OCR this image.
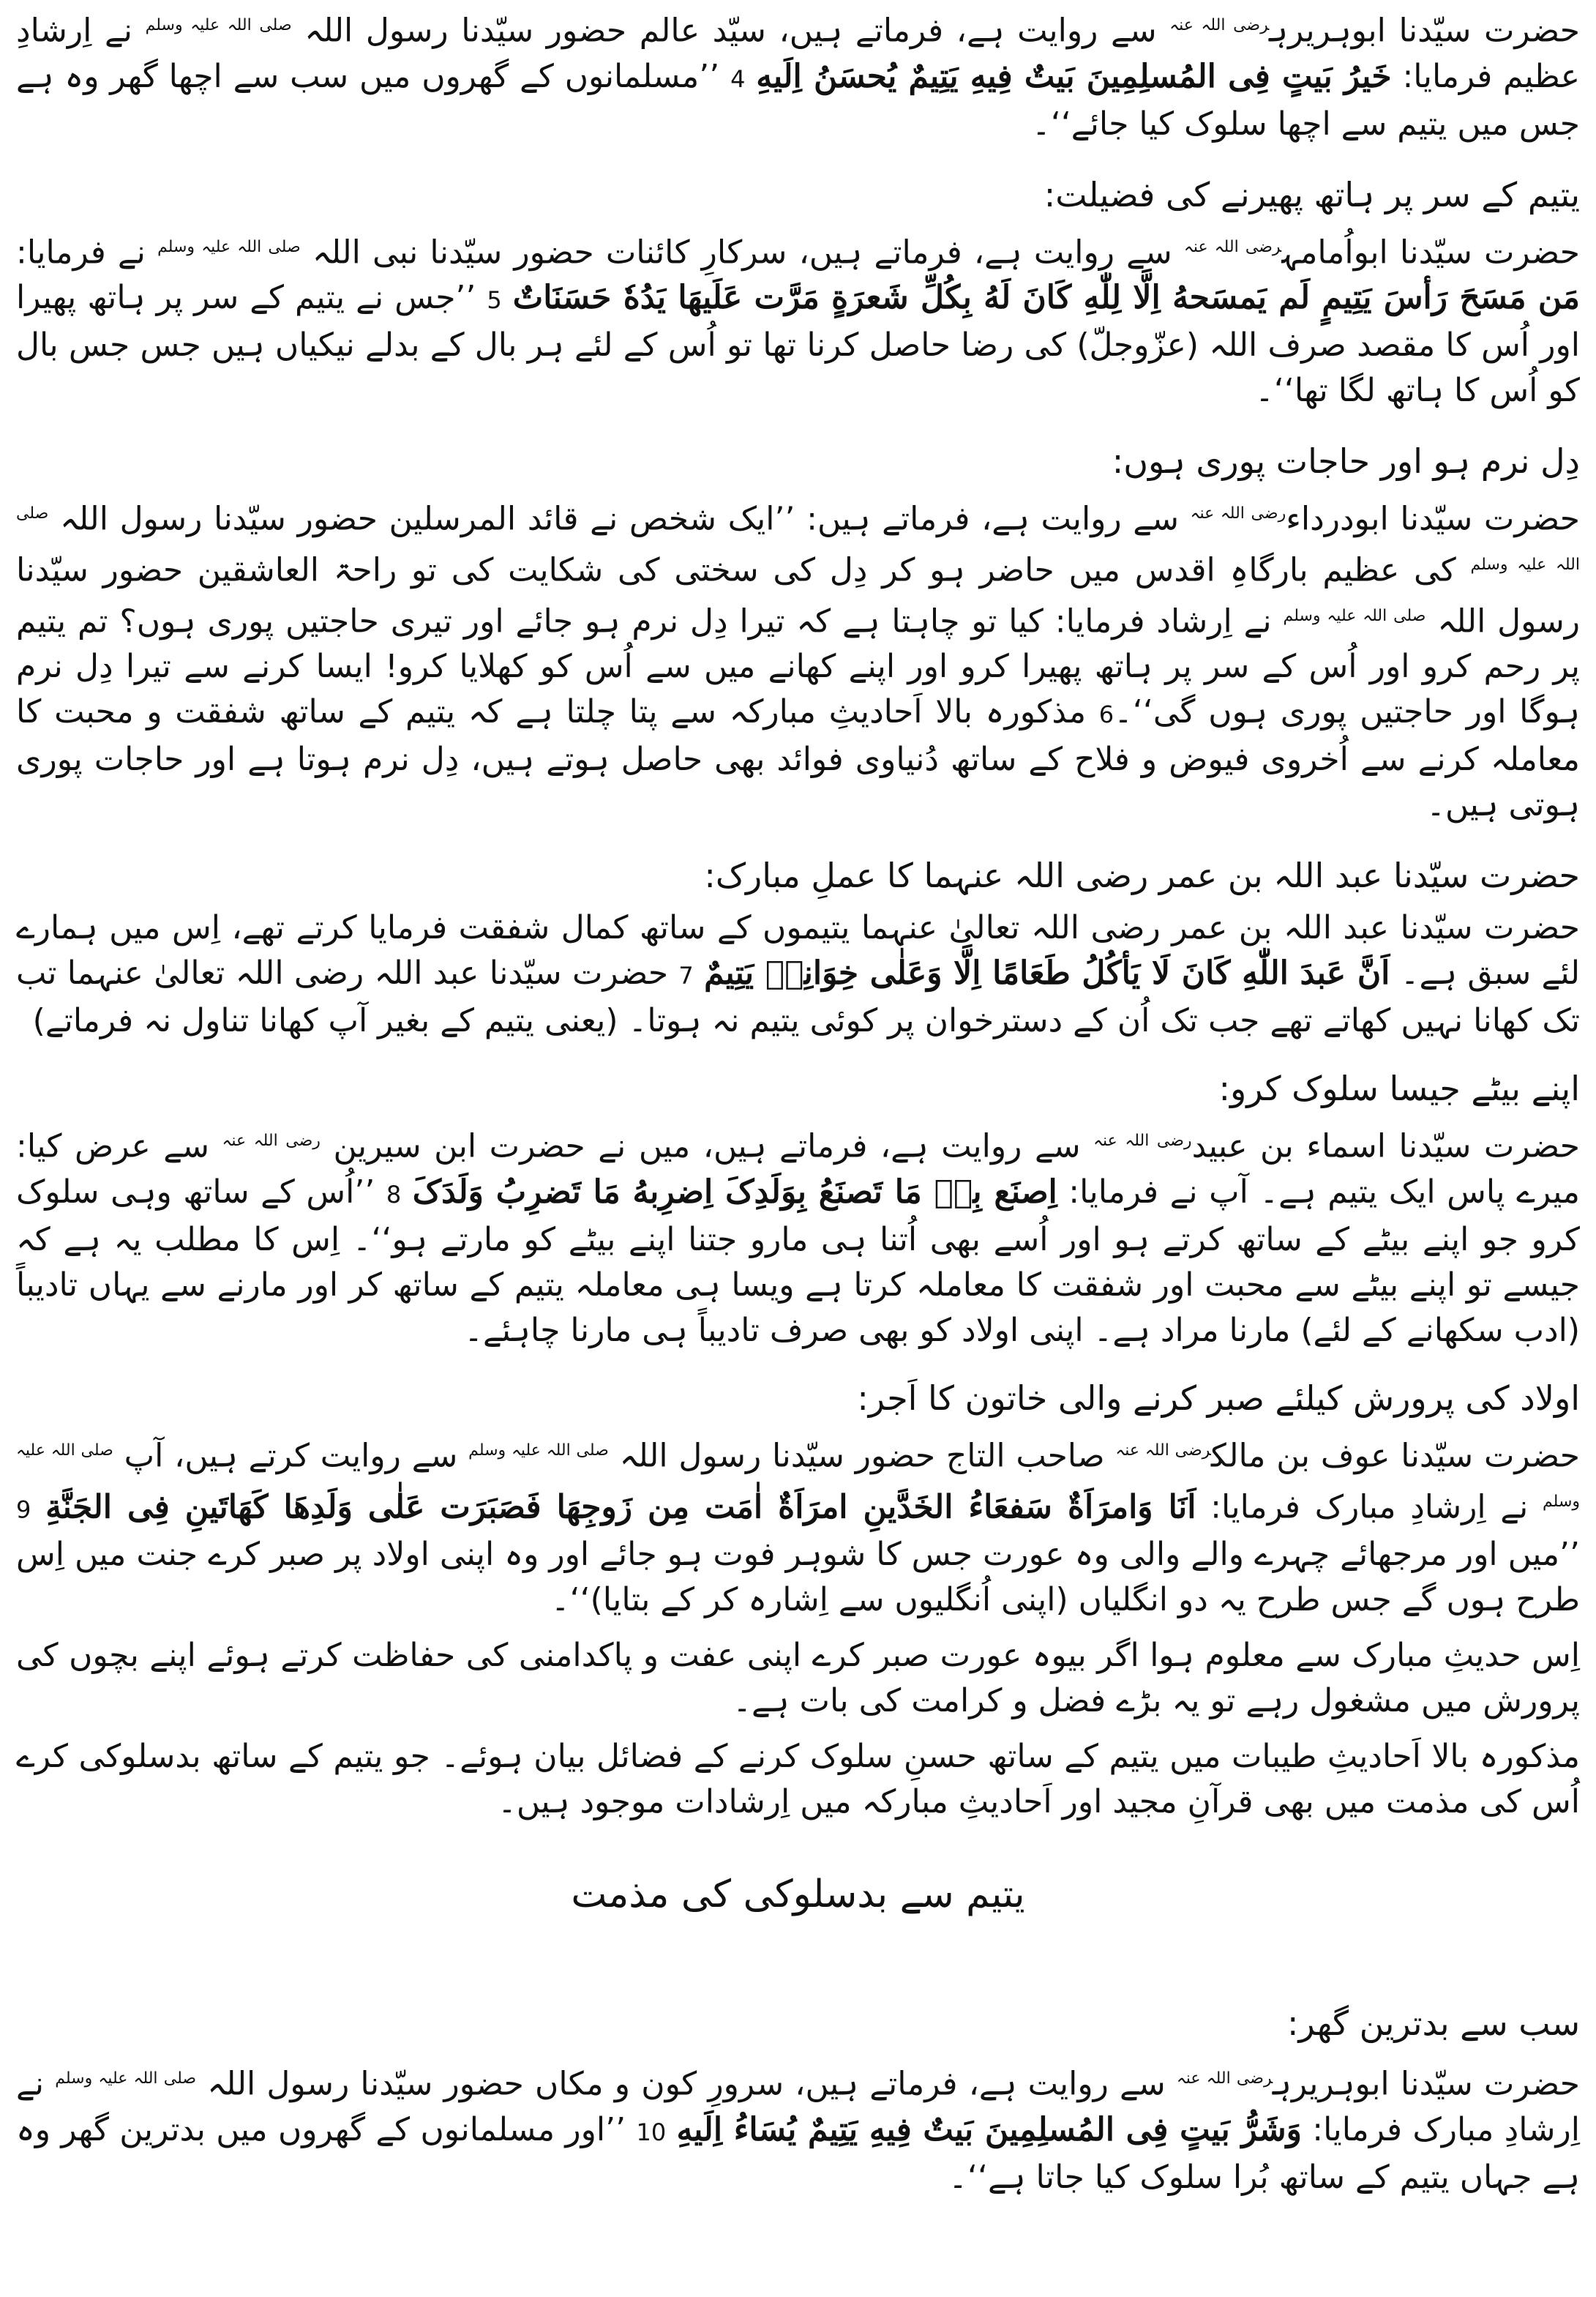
حضرت سیّدنا ابوہریرہ$^{رضی اللہ عنہ}$ سے روایت ہے، فرماتے ہیں، سیّد عالم حضور سیّدنا رسول اللہ $^{صلی اللہ علیہ وسلم}$ نے اِرشادِ عظیم فرمایا: خَیرُ بَیتٍ فِی المُسلِمِینَ بَیتٌ فِیهِ یَتِیمٌ یُحسَنُ اِلَیهِ 4 ’’مسلمانوں کے گھروں میں سب سے اچھا گھر وہ ہے جس میں یتیم سے اچھا سلوک کیا جائے‘‘۔

یتیم کے سر پر ہاتھ پھیرنے کی فضیلت:

حضرت سیّدنا ابواُمامہ$^{رضی اللہ عنہ}$ سے روایت ہے، فرماتے ہیں، سرکارِ کائنات حضور سیّدنا نبی اللہ $^{صلی اللہ علیہ وسلم}$ نے فرمایا: مَن مَسَحَ رَأسَ یَتِیمٍ لَم یَمسَحهُ اِلَّا لِلّٰهِ کَانَ لَهُ بِکُلِّ شَعرَةٍ مَرَّت عَلَیهَا یَدُهٗ حَسَنَاتٌ 5 ’’جس نے یتیم کے سر پر ہاتھ پھیرا اور اُس کا مقصد صرف اللہ (عزّوجلّ) کی رضا حاصل کرنا تھا تو اُس کے لئے ہر بال کے بدلے نیکیاں ہیں جس جس بال کو اُس کا ہاتھ لگا تھا‘‘۔

دِل نرم ہو اور حاجات پوری ہوں:

حضرت سیّدنا ابودرداء$^{رضی اللہ عنہ}$ سے روایت ہے، فرماتے ہیں: ’’ایک شخص نے قائد المرسلین حضور سیّدنا رسول اللہ $^{صلی اللہ علیہ وسلم}$ کی عظیم بارگاہِ اقدس میں حاضر ہو کر دِل کی سختی کی شکایت کی تو راحۃ العاشقین حضور سیّدنا رسول اللہ $^{صلی اللہ علیہ وسلم}$ نے اِرشاد فرمایا: کیا تو چاہتا ہے کہ تیرا دِل نرم ہو جائے اور تیری حاجتیں پوری ہوں؟ تم یتیم پر رحم کرو اور اُس کے سر پر ہاتھ پھیرا کرو اور اپنے کھانے میں سے اُس کو کھلایا کرو! ایسا کرنے سے تیرا دِل نرم ہوگا اور حاجتیں پوری ہوں گی‘‘۔6 مذکورہ بالا اَحادیثِ مبارکہ سے پتا چلتا ہے کہ یتیم کے ساتھ شفقت و محبت کا معاملہ کرنے سے اُخروی فیوض و فلاح کے ساتھ دُنیاوی فوائد بھی حاصل ہوتے ہیں، دِل نرم ہوتا ہے اور حاجات پوری ہوتی ہیں۔

حضرت سیّدنا عبد اللہ بن عمر رضی اللہ عنہما کا عملِ مبارک:

حضرت سیّدنا عبد اللہ بن عمر رضی اللہ تعالیٰ عنہما یتیموں کے ساتھ کمال شفقت فرمایا کرتے تھے، اِس میں ہمارے لئے سبق ہے۔ اَنَّ عَبدَ اللّٰهِ کَانَ لَا یَأکُلُ طَعَامًا اِلَّا وَعَلٰی خِوَانِهٖ یَتِیمٌ 7 حضرت سیّدنا عبد اللہ رضی اللہ تعالیٰ عنہما تب تک کھانا نہیں کھاتے تھے جب تک اُن کے دسترخوان پر کوئی یتیم نہ ہوتا۔ (یعنی یتیم کے بغیر آپ کھانا تناول نہ فرماتے)

اپنے بیٹے جیسا سلوک کرو:

حضرت سیّدنا اسماء بن عبید$^{رضی اللہ عنہ}$ سے روایت ہے، فرماتے ہیں، میں نے حضرت ابن سیرین $^{رضی اللہ عنہ}$ سے عرض کیا: میرے پاس ایک یتیم ہے۔ آپ نے فرمایا: اِصنَع بِهٖ مَا تَصنَعُ بِوَلَدِکَ اِضرِبهُ مَا تَضرِبُ وَلَدَکَ 8 ’’اُس کے ساتھ وہی سلوک کرو جو اپنے بیٹے کے ساتھ کرتے ہو اور اُسے بھی اُتنا ہی مارو جتنا اپنے بیٹے کو مارتے ہو‘‘۔ اِس کا مطلب یہ ہے کہ جیسے تو اپنے بیٹے سے محبت اور شفقت کا معاملہ کرتا ہے ویسا ہی معاملہ یتیم کے ساتھ کر اور مارنے سے یہاں تادیباً (ادب سکھانے کے لئے) مارنا مراد ہے۔ اپنی اولاد کو بھی صرف تادیباً ہی مارنا چاہئے۔

اولاد کی پرورش کیلئے صبر کرنے والی خاتون کا اَجر:

حضرت سیّدنا عوف بن مالک$^{رضی اللہ عنہ}$ صاحب التاج حضور سیّدنا رسول اللہ $^{صلی اللہ علیہ وسلم}$ سے روایت کرتے ہیں، آپ $^{صلی اللہ علیہ وسلم}$ نے اِرشادِ مبارک فرمایا: اَنَا وَامرَاَةٌ سَفعَاءُ الخَدَّینِ امرَاَةٌ اٰمَت مِن زَوجِهَا فَصَبَرَت عَلٰی وَلَدِهَا کَهَاتَینِ فِی الجَنَّةِ 9 ’’میں اور مرجھائے چہرے والے والی وہ عورت جس کا شوہر فوت ہو جائے اور وہ اپنی اولاد پر صبر کرے جنت میں اِس طرح ہوں گے جس طرح یہ دو انگلیاں (اپنی اُنگلیوں سے اِشارہ کر کے بتایا)‘‘۔

اِس حدیثِ مبارک سے معلوم ہوا اگر بیوہ عورت صبر کرے اپنی عفت و پاکدامنی کی حفاظت کرتے ہوئے اپنے بچوں کی پرورش میں مشغول رہے تو یہ بڑے فضل و کرامت کی بات ہے۔

مذکورہ بالا اَحادیثِ طیبات میں یتیم کے ساتھ حسنِ سلوک کرنے کے فضائل بیان ہوئے۔ جو یتیم کے ساتھ بدسلوکی کرے اُس کی مذمت میں بھی قرآنِ مجید اور اَحادیثِ مبارکہ میں اِرشادات موجود ہیں۔

یتیم سے بدسلوکی کی مذمت

سب سے بدترین گھر:

حضرت سیّدنا ابوہریرہ$^{رضی اللہ عنہ}$ سے روایت ہے، فرماتے ہیں، سرورِ کون و مکاں حضور سیّدنا رسول اللہ $^{صلی اللہ علیہ وسلم}$ نے اِرشادِ مبارک فرمایا: وَشَرُّ بَیتٍ فِی المُسلِمِینَ بَیتٌ فِیهِ یَتِیمٌ یُسَاءُ اِلَیهِ 10 ’’اور مسلمانوں کے گھروں میں بدترین گھر وہ ہے جہاں یتیم کے ساتھ بُرا سلوک کیا جاتا ہے‘‘۔
